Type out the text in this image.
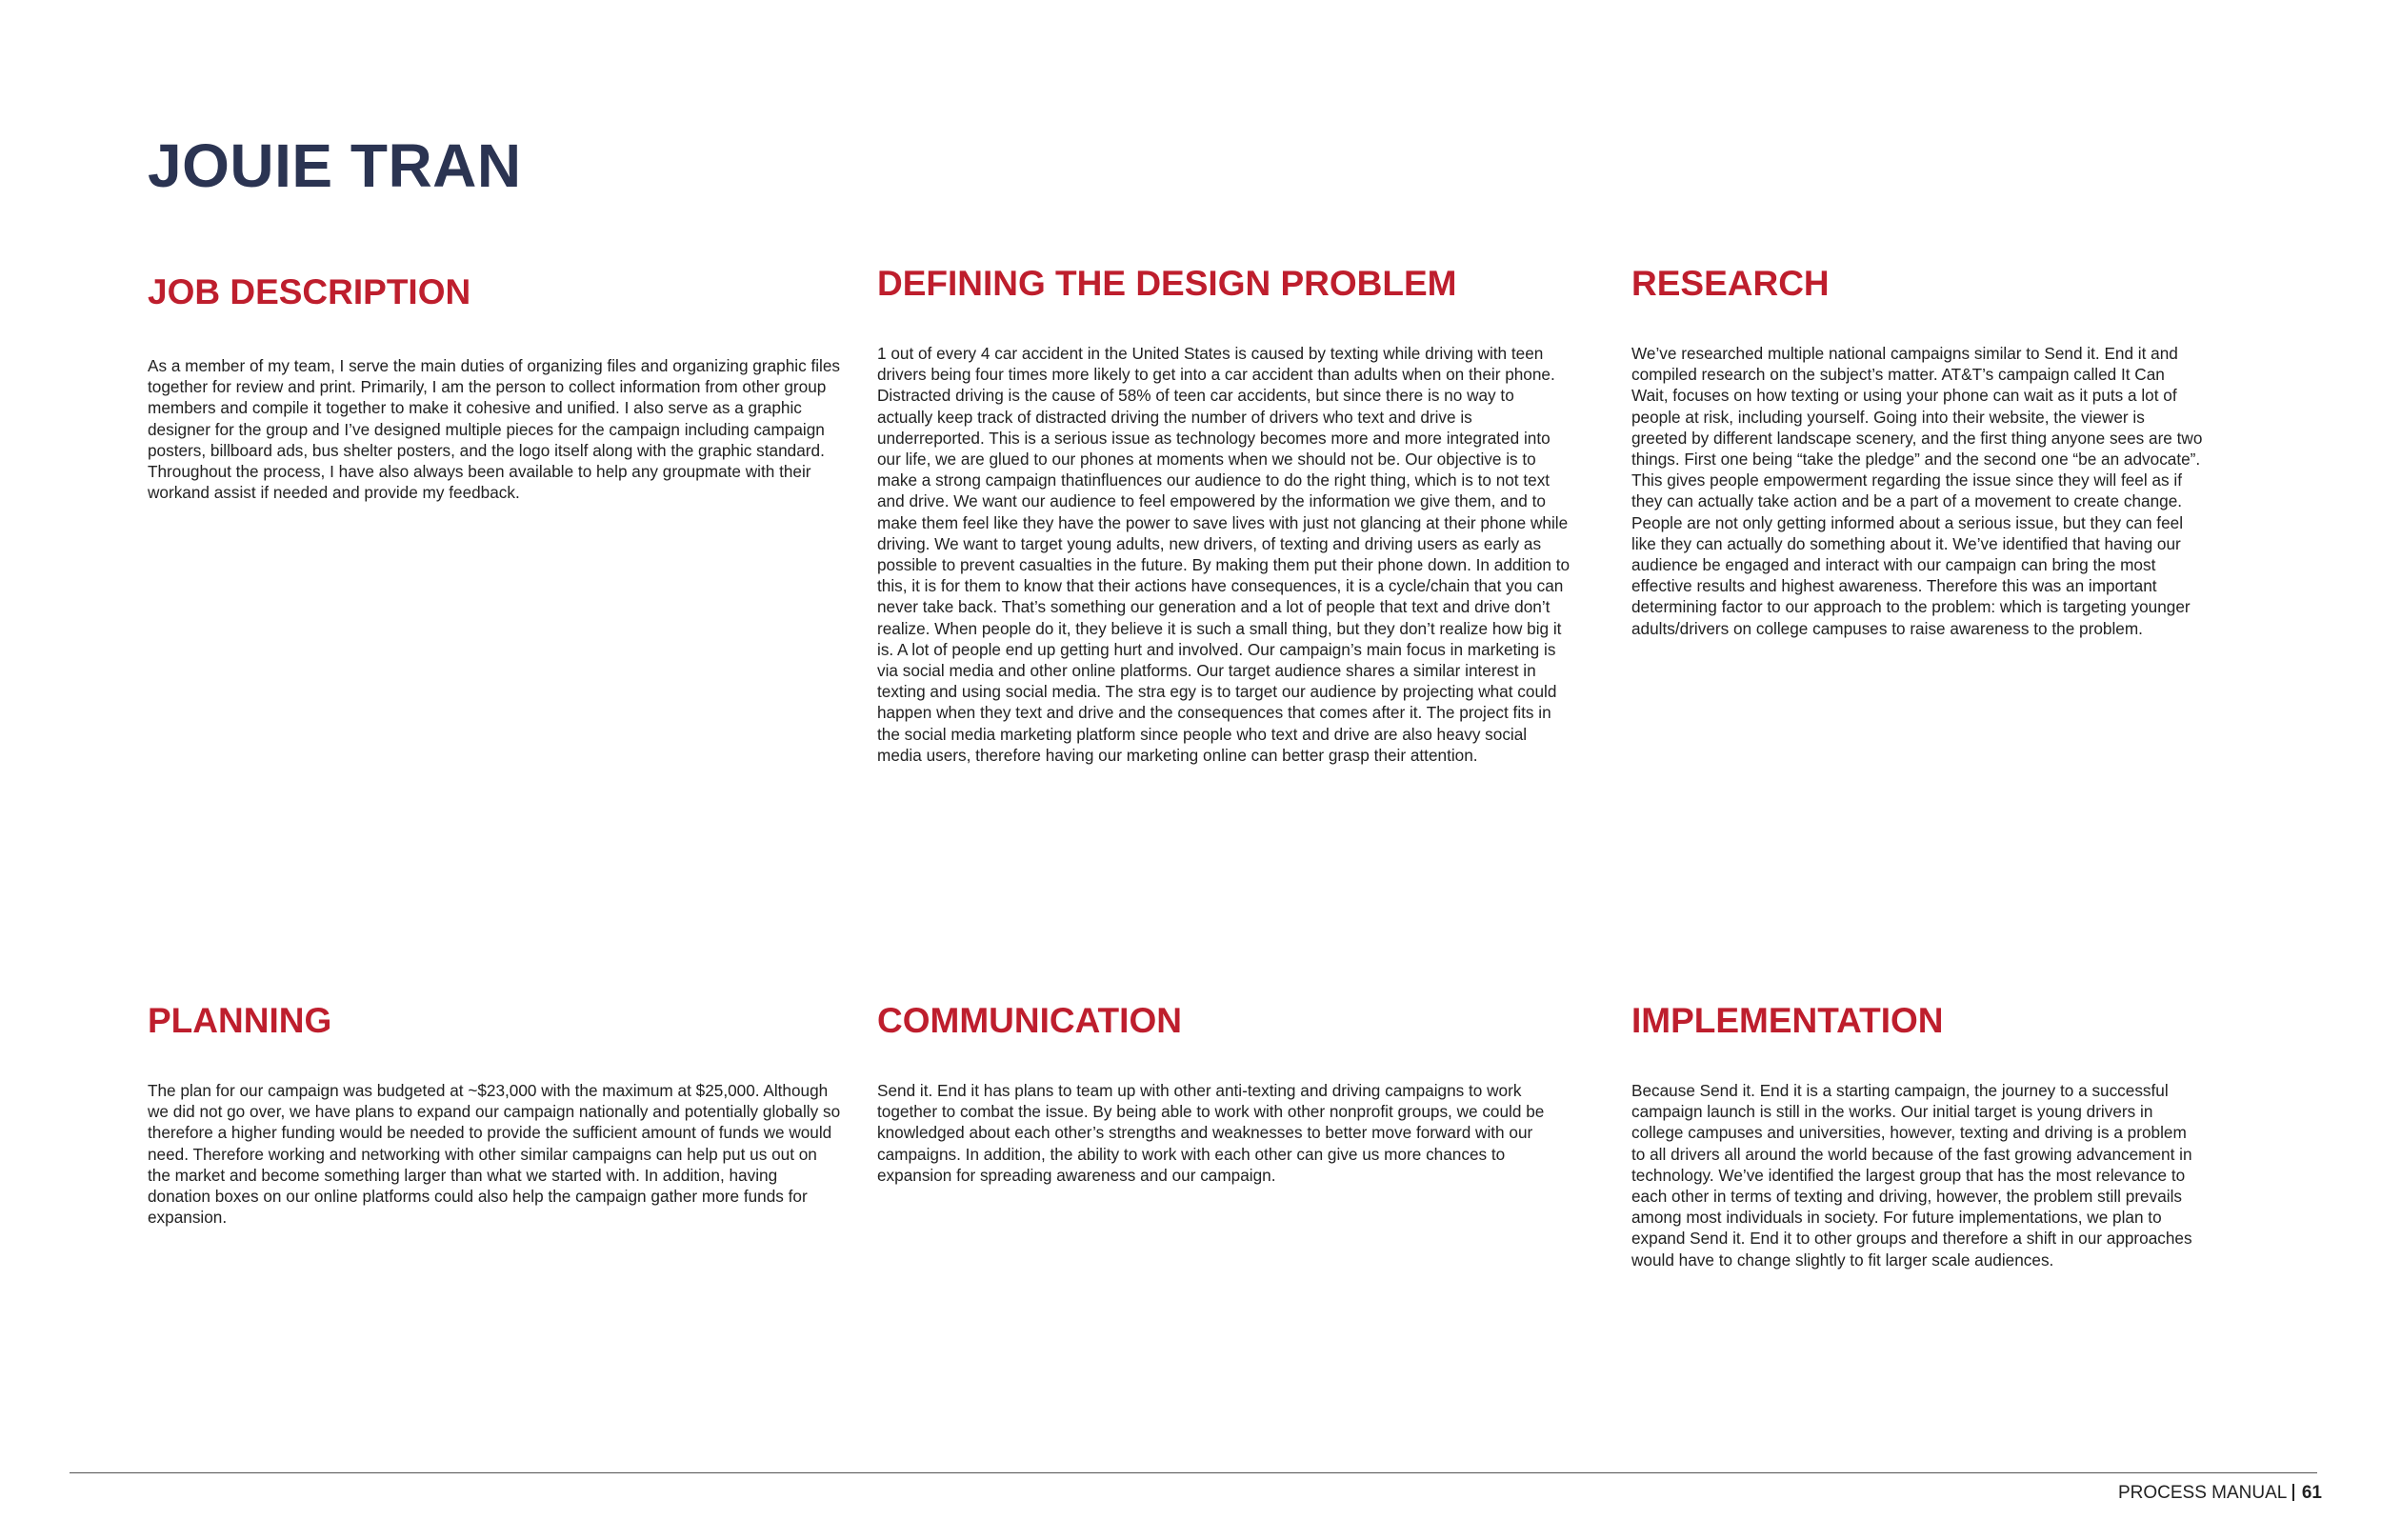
JOUIE TRAN
JOB DESCRIPTION

As a member of my team, I serve the main duties of organizing files and organizing graphic files together for review and print. Primarily, I am the person to collect information from other group members and compile it together to make it cohesive and unified. I also serve as a graphic designer for the group and I’ve designed multiple pieces for the campaign including campaign posters, billboard ads, bus shelter posters, and the logo itself along with the graphic standard. Throughout the process, I have also always been available to help any groupmate with their workand assist if needed and provide my feedback.

DEFINING THE DESIGN PROBLEM

1 out of every 4 car accident in the United States is caused by texting while driving with teen drivers being four times more likely to get into a car accident than adults when on their phone. Distracted driving is the cause of 58% of teen car accidents, but since there is no way to actually keep track of distracted driving the number of drivers who text and drive is underreported. This is a serious issue as technology becomes more and more integrated into our life, we are glued to our phones at moments when we should not be. Our objective is to make a strong campaign thatinfluences our audience to do the right thing, which is to not text and drive. We want our audience to feel empowered by the information we give them, and to make them feel like they have the power to save lives with just not glancing at their phone while driving. We want to target young adults, new drivers, of texting and driving users as early as possible to prevent casualties in the future. By making them put their phone down. In addition to this, it is for them to know that their actions have consequences, it is a cycle/chain that you can never take back. That’s something our generation and a lot of people that text and drive don’t realize. When people do it, they believe it is such a small thing, but they don’t realize how big it is. A lot of people end up getting hurt and involved. Our campaign’s main focus in marketing is via social media and other online platforms. Our target audience shares a similar interest in texting and using social media. The stra egy is to target our audience by projecting what could happen when they text and drive and the consequences that comes after it. The project fits in the social media marketing platform since people who text and drive are also heavy social media users, therefore having our marketing online can better grasp their attention.

RESEARCH

We’ve researched multiple national campaigns similar to Send it. End it and compiled research on the subject’s matter. AT&T’s campaign called It Can Wait, focuses on how texting or using your phone can wait as it puts a lot of people at risk, including yourself. Going into their website, the viewer is greeted by different landscape scenery, and the first thing anyone sees are two things. First one being “take the pledge” and the second one “be an advocate”. This gives people empowerment regarding the issue since they will feel as if they can actually take action and be a part of a movement to create change. People are not only getting informed about a serious issue, but they can feel like they can actually do something about it. We’ve identified that having our audience be engaged and interact with our campaign can bring the most effective results and highest awareness. Therefore this was an important determining factor to our approach to the problem: which is targeting younger adults/drivers on college campuses to raise awareness to the problem.

PLANNING

The plan for our campaign was budgeted at ~$23,000 with the maximum at $25,000. Although we did not go over, we have plans to expand our campaign nationally and potentially globally so therefore a higher funding would be needed to provide the sufficient amount of funds we would need. Therefore working and networking with other similar campaigns can help put us out on the market and become something larger than what we started with. In addition, having donation boxes on our online platforms could also help the campaign gather more funds for expansion.

COMMUNICATION

Send it. End it has plans to team up with other anti-texting and driving campaigns to work together to combat the issue. By being able to work with other nonprofit groups, we could be knowledged about each other’s strengths and weaknesses to better move forward with our campaigns. In addition, the ability to work with each other can give us more chances to expansion for spreading awareness and our campaign.

IMPLEMENTATION

Because Send it. End it is a starting campaign, the journey to a successful campaign launch is still in the works. Our initial target is young drivers in college campuses and universities, however, texting and driving is a problem to all drivers all around the world because of the fast growing advancement in technology. We’ve identified the largest group that has the most relevance to each other in terms of texting and driving, however, the problem still prevails among most individuals in society. For future implementations, we plan to expand Send it. End it to other groups and therefore a shift in our approaches would have to change slightly to fit larger scale audiences.

PROCESS MANUAL 61
